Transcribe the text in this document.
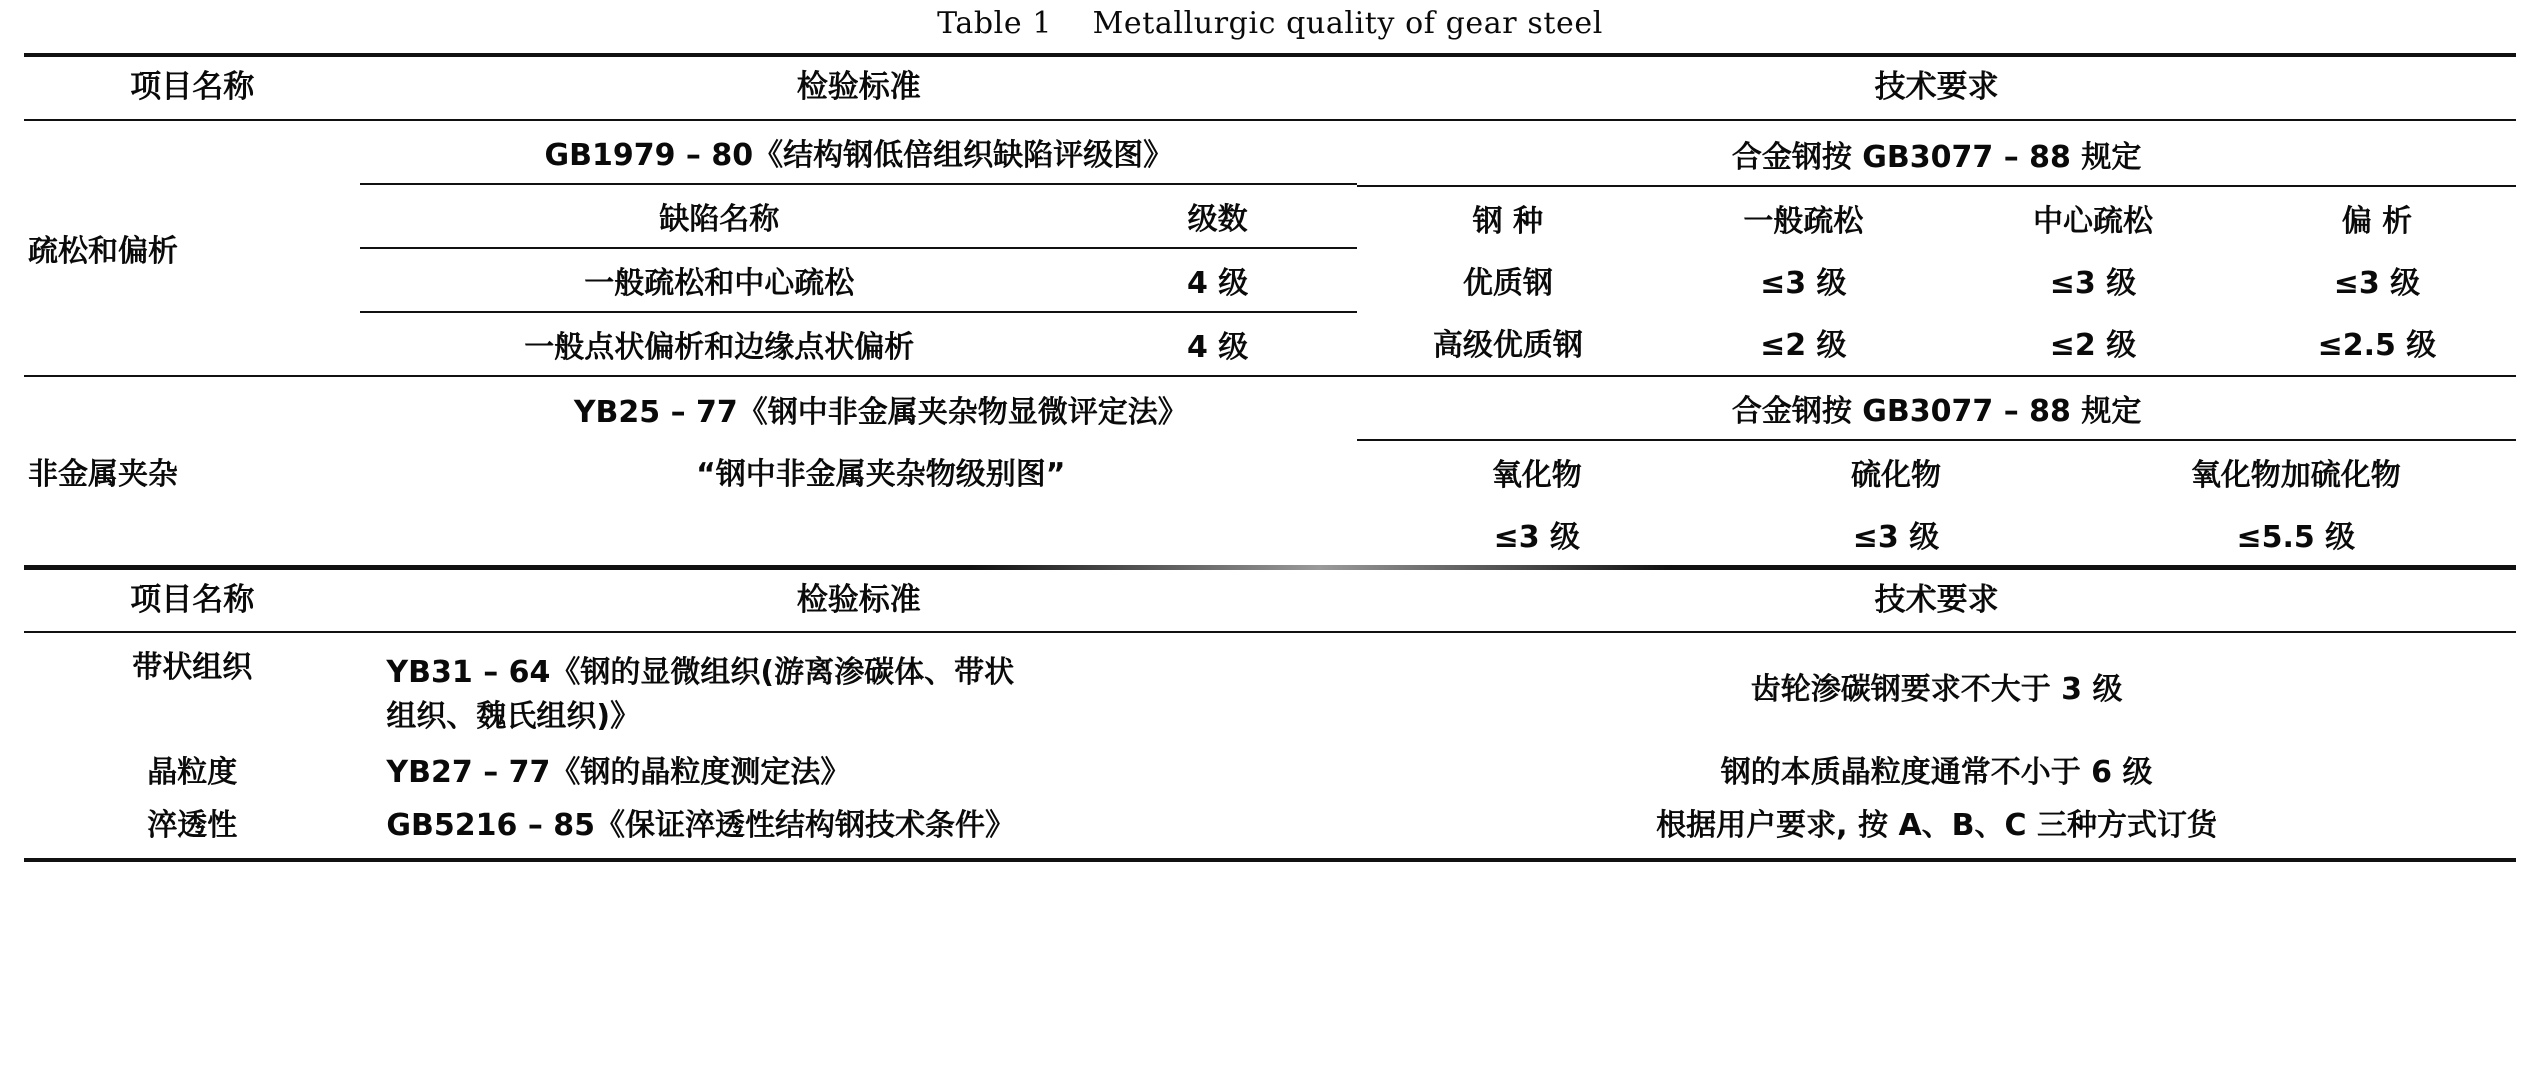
Table 1    Metallurgic quality of gear steel
项目名称	检验标准	技术要求
疏松和偏析	
GB1979 – 80《结构钢低倍组织缺陷评级图》
缺陷名称	级数
一般疏松和中心疏松	4 级
一般点状偏析和边缘点状偏析	4 级

合金钢按 GB3077 – 88 规定
钢 种	一般疏松	中心疏松	偏 析
优质钢	≤3 级	≤3 级	≤3 级
高级优质钢	≤2 级	≤2 级	≤2.5 级

非金属夹杂	
YB25 – 77《钢中非金属夹杂物显微评定法》
“钢中非金属夹杂物级别图”

合金钢按 GB3077 – 88 规定
氧化物	硫化物	氧化物加硫化物
≤3 级	≤3 级	≤5.5 级
项目名称	检验标准	技术要求
带状组织	YB31 – 64《钢的显微组织(游离渗碳体、带状
组织、魏氏组织)》	齿轮渗碳钢要求不大于 3 级
晶粒度	YB27 – 77《钢的晶粒度测定法》	钢的本质晶粒度通常不小于 6 级
淬透性	GB5216 – 85《保证淬透性结构钢技术条件》	根据用户要求, 按 A、B、C 三种方式订货
